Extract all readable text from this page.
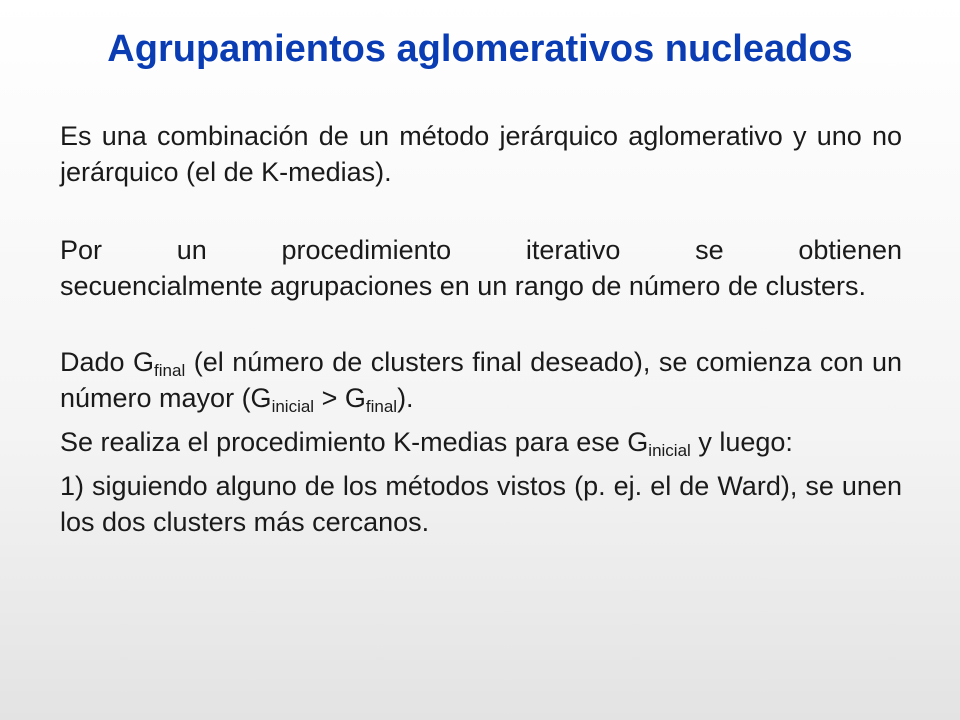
Agrupamientos aglomerativos nucleados

Es una combinación de un método jerárquico aglomerativo y uno no jerárquico (el de K-medias).

Por un procedimiento iterativo se obtienen
secuencialmente agrupaciones en un rango de número de clusters.

Dado $G_{final}$ (el número de clusters final deseado), se comienza con un número mayor $(G_{inicial} > G_{final})$.

Se realiza el procedimiento K-medias para ese $G_{inicial}$ y luego:

1) siguiendo alguno de los métodos vistos (p. ej. el de Ward), se unen los dos clusters más cercanos.
